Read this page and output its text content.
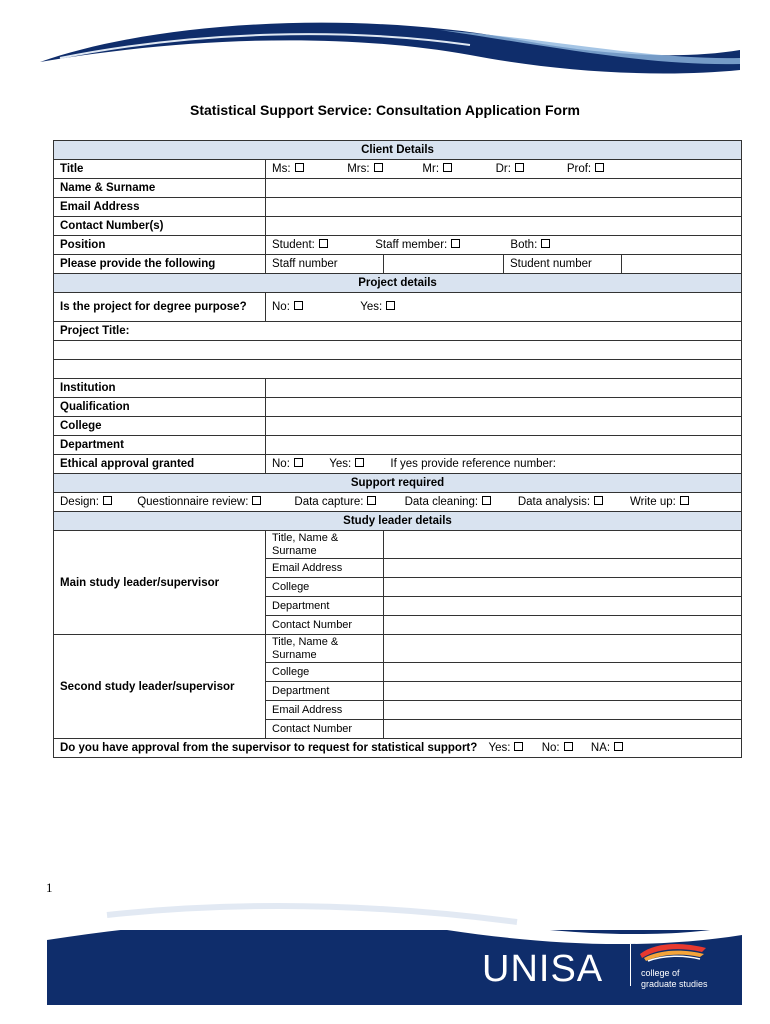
Statistical Support Service: Consultation Application Form
Client Details				
Title	Ms: Mrs: Mr: Dr: Prof:			
Name & Surname				
Email Address				
Contact Number(s)				
Position	Student: Staff member: Both:			
Please provide the following	Staff number		Student number	
Project details				
Is the project for degree purpose?	No: Yes:			
Project Title:				

Institution				
Qualification				
College				
Department				
Ethical approval granted	No: Yes: If yes provide reference number:			
Support required				
Design: Questionnaire review: Data capture: Data cleaning: Data analysis: Write up:				
Study leader details				
Main study leader/supervisor	Title, Name & Surname			
	Email Address			
	College			
	Department			
	Contact Number			
Second study leader/supervisor	Title, Name & Surname			
	College			
	Department			
	Email Address			
	Contact Number			
Do you have approval from the supervisor to request for statistical support? Yes: No: NA:				
1
UNISA	college of
graduate studies
